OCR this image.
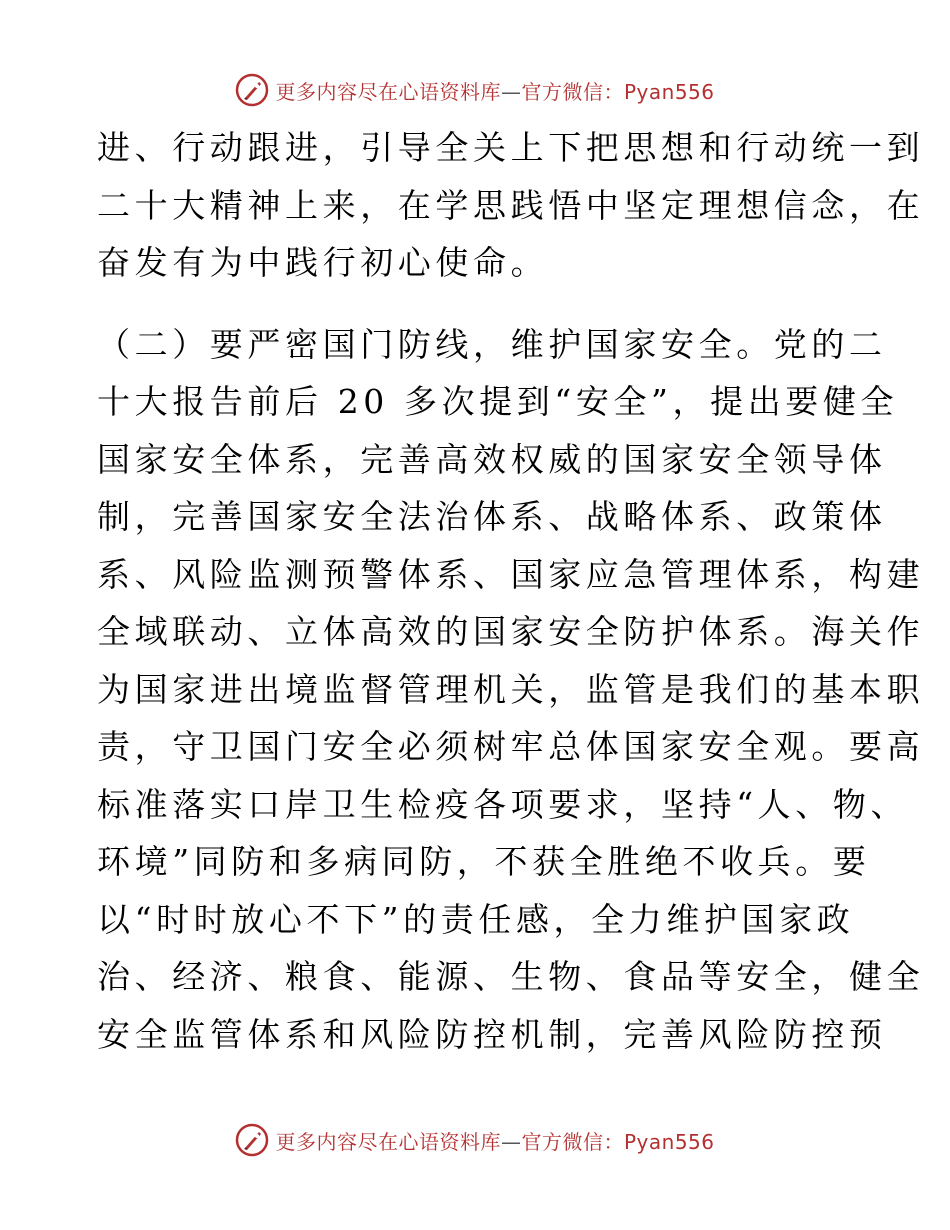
更多内容尽在心语资料库—官方微信：Pyan556
进、行动跟进，引导全关上下把思想和行动统一到
二十大精神上来，在学思践悟中坚定理想信念，在
奋发有为中践行初心使命。
（二）要严密国门防线，维护国家安全。党的二
十大报告前后 20 多次提到“安全”，提出要健全
国家安全体系，完善高效权威的国家安全领导体
制，完善国家安全法治体系、战略体系、政策体
系、风险监测预警体系、国家应急管理体系，构建
全域联动、立体高效的国家安全防护体系。海关作
为国家进出境监督管理机关，监管是我们的基本职
责，守卫国门安全必须树牢总体国家安全观。要高
标准落实口岸卫生检疫各项要求，坚持“人、物、
环境”同防和多病同防，不获全胜绝不收兵。要
以“时时放心不下”的责任感，全力维护国家政
治、经济、粮食、能源、生物、食品等安全，健全
安全监管体系和风险防控机制，完善风险防控预
更多内容尽在心语资料库—官方微信：Pyan556
